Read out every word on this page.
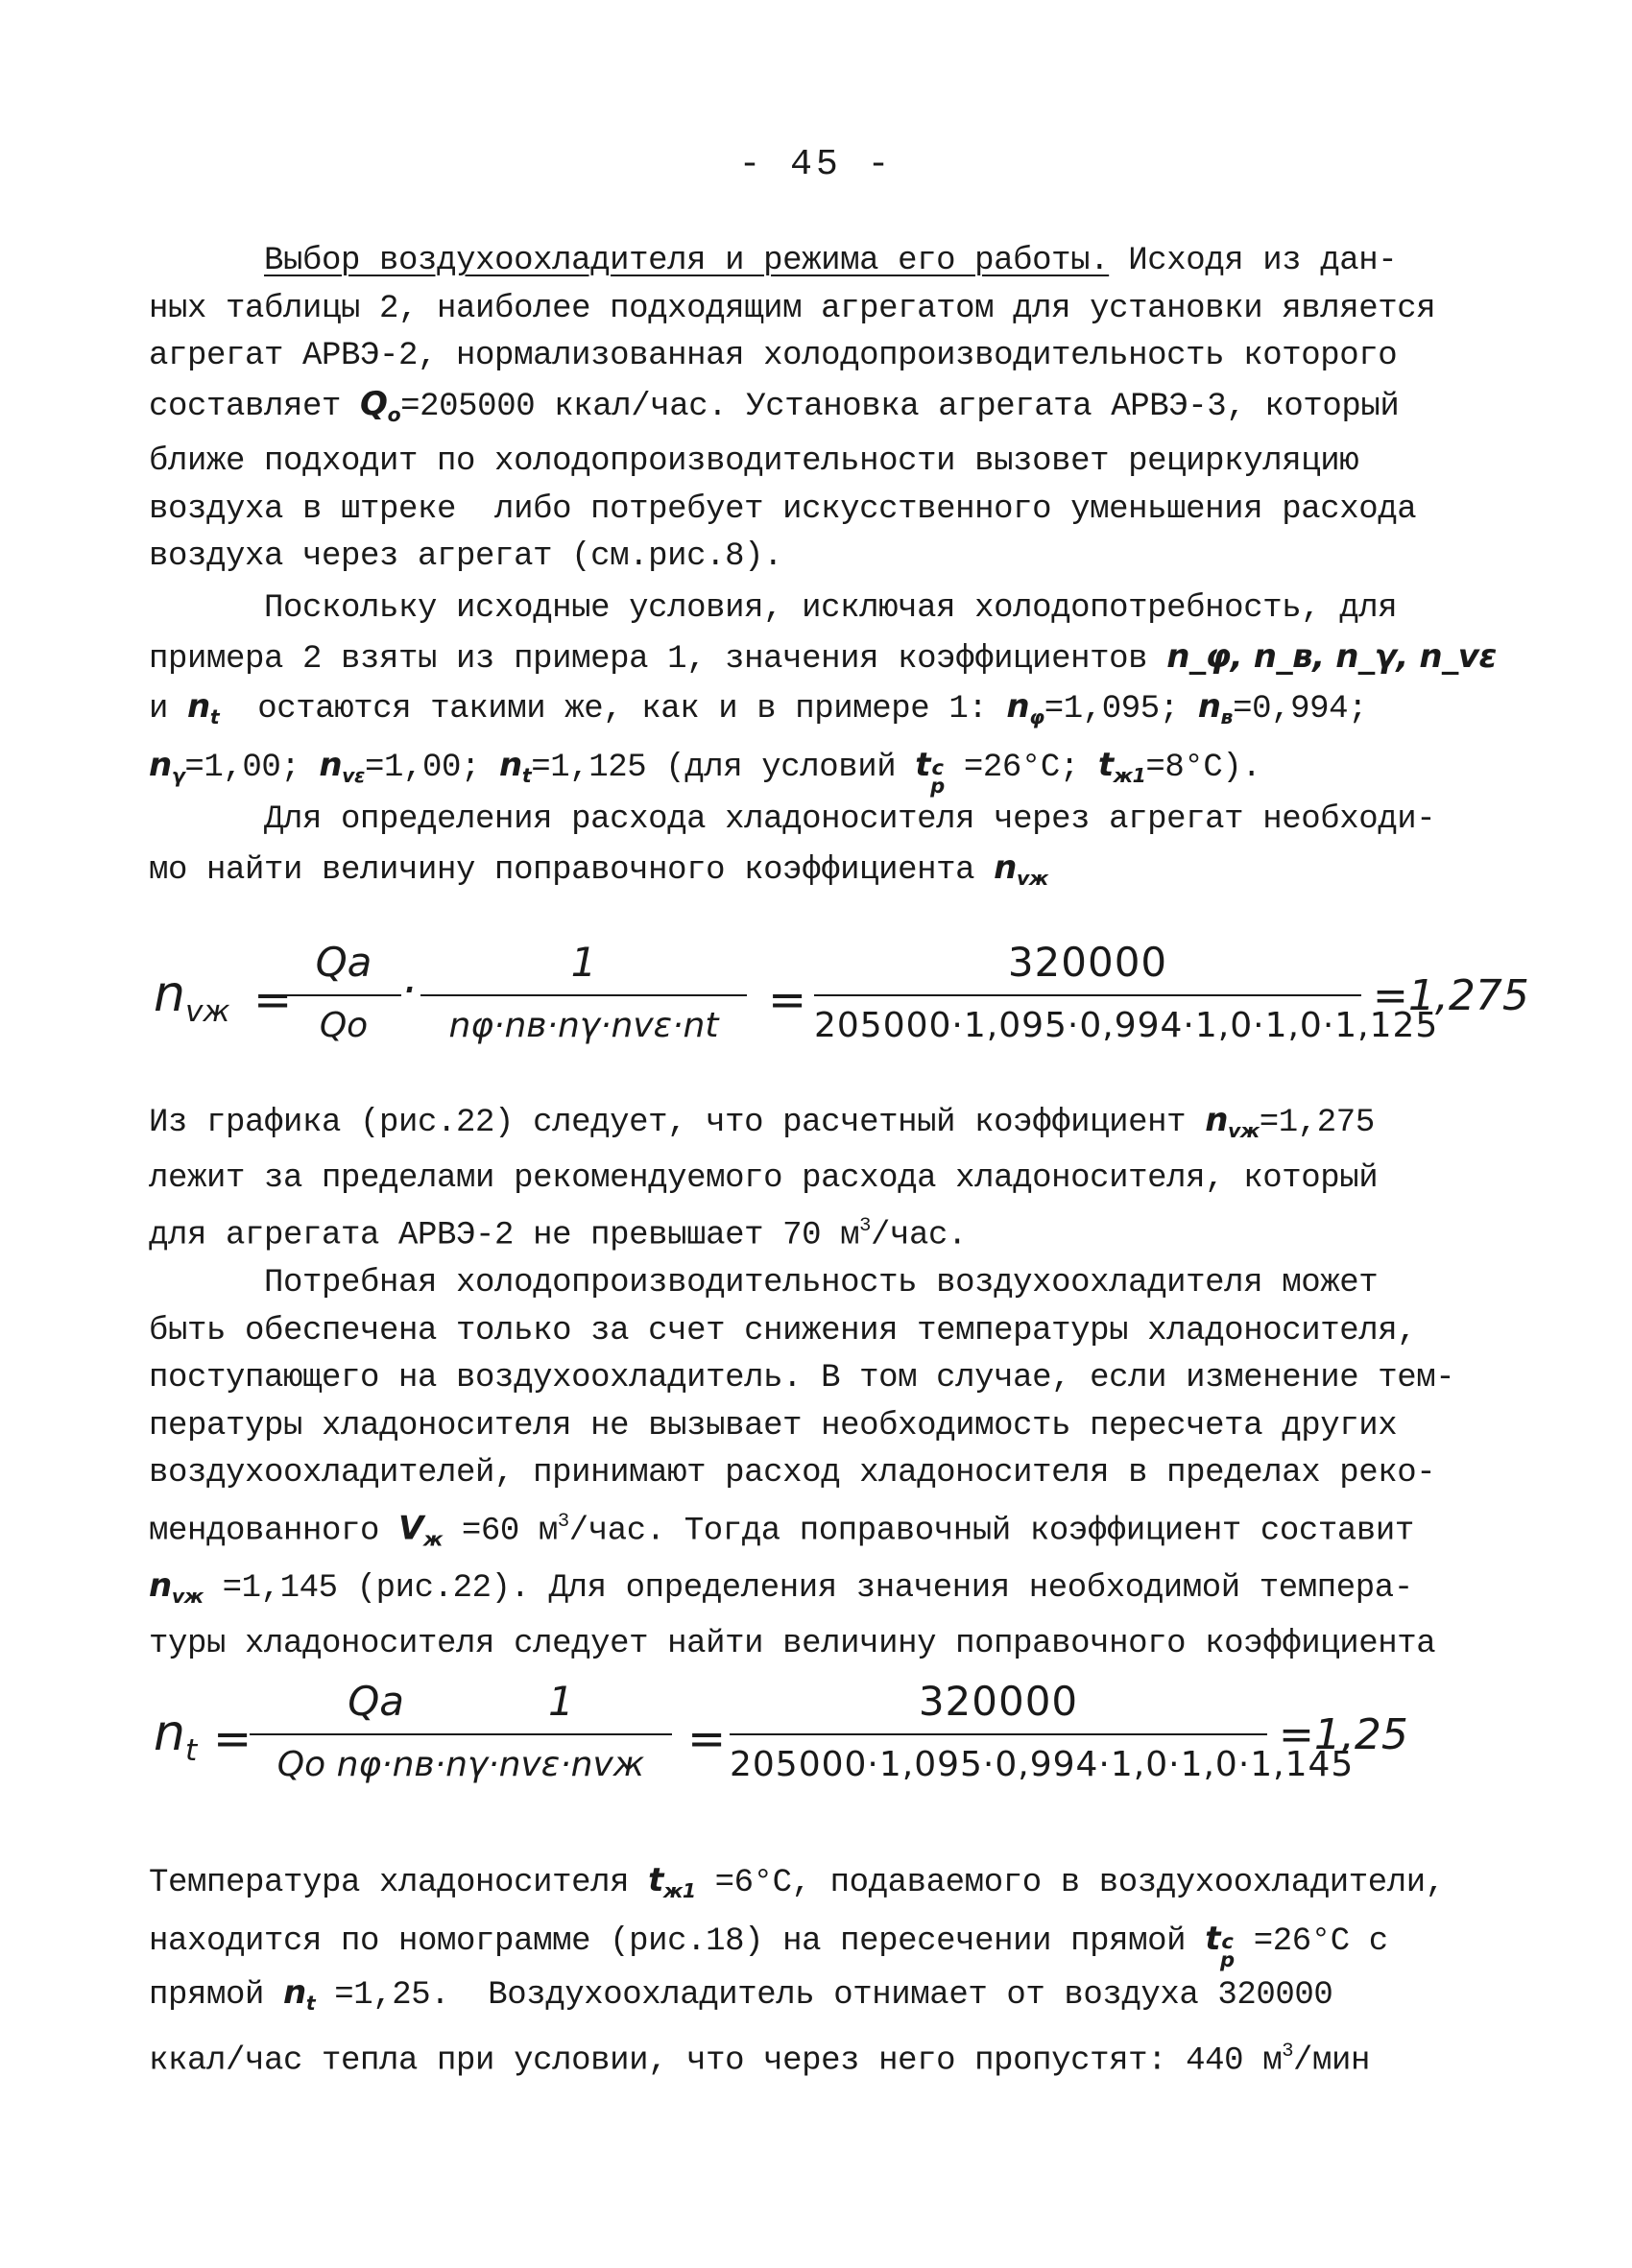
- 45 -
Выбор воздухоохладителя и режима его работы. Исходя из дан-
ных таблицы 2, наиболее подходящим агрегатом для установки является
агрегат АРВЭ-2, нормализованная холодопроизводительность которого
составляет $Q_o=205000$ ккал/час. Установка агрегата АРВЭ-3, который
ближе подходит по холодопроизводительности вызовет рециркуляцию
воздуха в штреке  либо потребует искусственного уменьшения расхода
воздуха через агрегат (см.рис.8).
Поскольку исходные условия, исключая холодопотребность, для
примера 2 взяты из примера 1, значения коэффициентов n_φ, n_в, n_γ, n_vε
и $n_t$  остаются такими же, как и в примере 1: $n_\varphi=1,095$; $n_в=0,994$;
$n_\gamma=1,00$; $n_{v\varepsilon}=1,00$; $n_t=1,125$ (для условий t c
p
=26°C; $t_{ж1}=8^\circ C$).
Для определения расхода хладоносителя через агрегат необходи-
мо найти величину поправочного коэффициента $n_{vж}$
$n_{vж}$ =
Qa
Qo
·
1
nφ·nв·nγ·nvε·nt	=
320000
205000·1,095·0,994·1,0·1,0·1,125
=1,275
Из графика (рис.22) следует, что расчетный коэффициент $n_{vж}=1,275$
лежит за пределами рекомендуемого расхода хладоносителя, который
для агрегата АРВЭ-2 не превышает 70 $м^3$/час.
Потребная холодопроизводительность воздухоохладителя может
быть обеспечена только за счет снижения температуры хладоносителя,
поступающего на воздухоохладитель. В том случае, если изменение тем-
пературы хладоносителя не вызывает необходимость пересчета других
воздухоохладителей, принимают расход хладоносителя в пределах реко-
мендованного $V_ж =60$ $м^3$/час. Тогда поправочный коэффициент составит
$n_{vж} =1,145$ (рис.22). Для определения значения необходимой темпера-
туры хладоносителя следует найти величину поправочного коэффициента
$n_t$ =
Qa	1
Qo nφ·nв·nγ·nvε·nvж =
320000
205000·1,095·0,994·1,0·1,0·1,145
=1,25
Температура хладоносителя $t_{ж1} =6^\circ C$, подаваемого в воздухоохладители,
находится по номограмме (рис.18) на пересечении прямой t c
p
=26°C с
прямой $n_t =1,25$.  Воздухоохладитель отнимает от воздуха 320000
ккал/час тепла при условии, что через него пропустят: 440 $м^3$/мин
